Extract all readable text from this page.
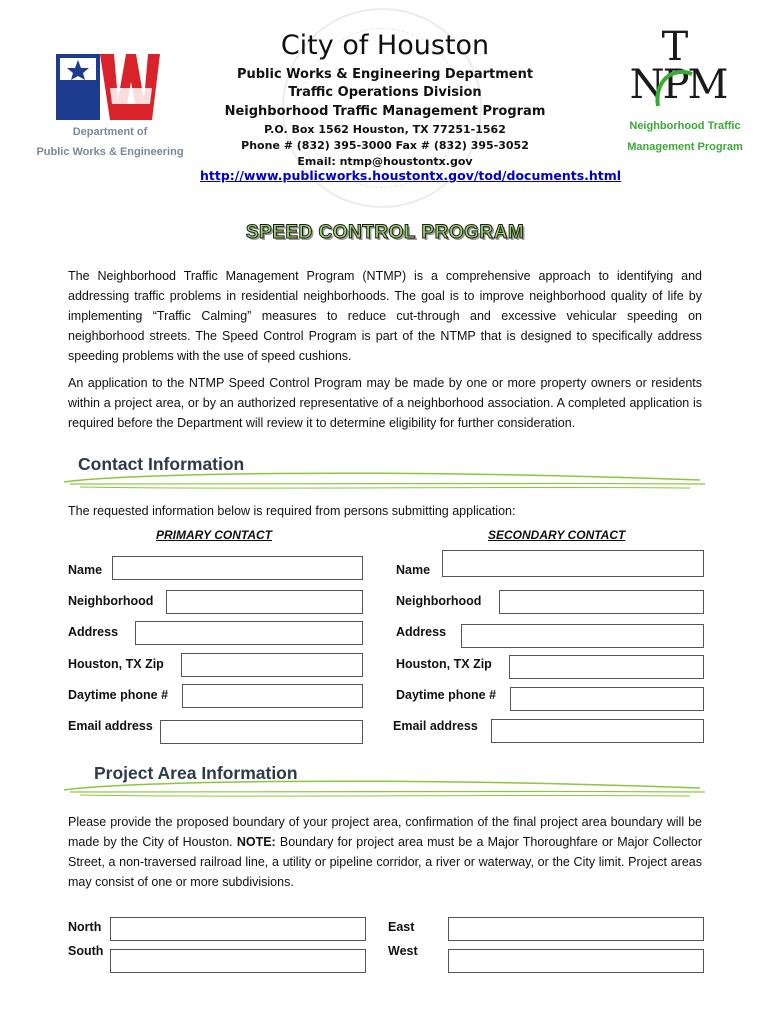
PW
Department of
Public Works & Engineering
City of Houston
Public Works & Engineering Department
Traffic Operations Division
Neighborhood Traffic Management Program
P.O. Box 1562 Houston, TX 77251-1562
Phone # (832) 395-3000 Fax # (832) 395-3052
Email: ntmp@houstontx.gov
http://www.publicworks.houstontx.gov/tod/documents.html
T
NPM
Neighborhood Traffic
Management Program
SPEED CONTROL PROGRAM
The Neighborhood Traffic Management Program (NTMP) is a comprehensive approach to identifying and addressing traffic problems in residential neighborhoods. The goal is to improve neighborhood quality of life by implementing “Traffic Calming” measures to reduce cut-through and excessive vehicular speeding on neighborhood streets. The Speed Control Program is part of the NTMP that is designed to specifically address speeding problems with the use of speed cushions.
An application to the NTMP Speed Control Program may be made by one or more property owners or residents within a project area, or by an authorized representative of a neighborhood association. A completed application is required before the Department will review it to determine eligibility for further consideration.
Contact Information
The requested information below is required from persons submitting application:
PRIMARY CONTACT	SECONDARY CONTACT
Name
Neighborhood
Address
Houston, TX Zip
Daytime phone #
Email address
Name
Neighborhood
Address
Houston, TX Zip
Daytime phone #
Email address
Project Area Information
Please provide the proposed boundary of your project area, confirmation of the final project area boundary will be made by the City of Houston. NOTE: Boundary for project area must be a Major Thoroughfare or Major Collector Street, a non-traversed railroad line, a utility or pipeline corridor, a river or waterway, or the City limit. Project areas may consist of one or more subdivisions.
North
South
East
West
